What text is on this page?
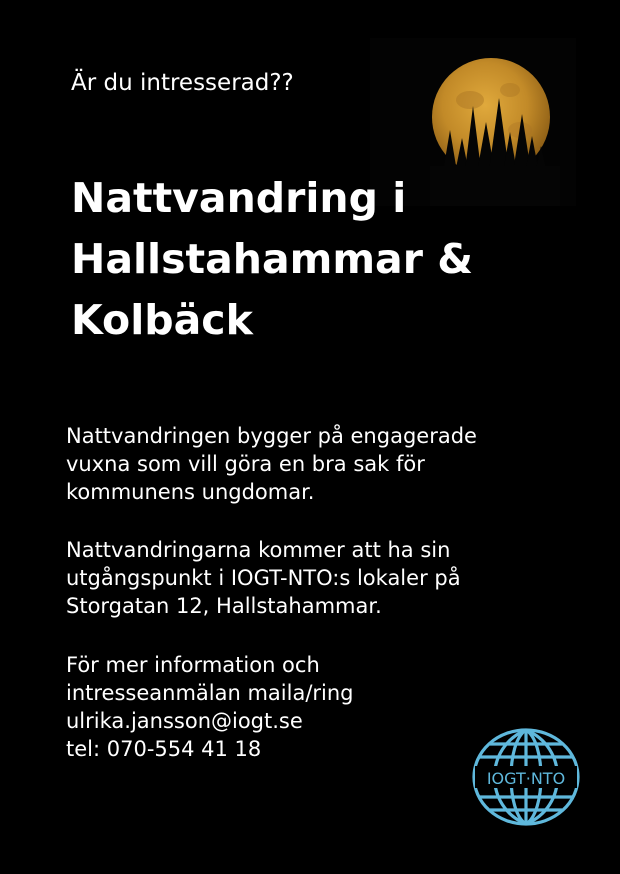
Är du intresserad??
Nattvandring i
Hallstahammar &
Kolbäck

Nattvandringen bygger på engagerade
vuxna som vill göra en bra sak för
kommunens ungdomar.

Nattvandringarna kommer att ha sin
utgångspunkt i IOGT-NTO:s lokaler på
Storgatan 12, Hallstahammar.

För mer information och
intresseanmälan maila/ring
ulrika.jansson@iogt.se
tel: 070-554 41 18

IOGT·NTO
